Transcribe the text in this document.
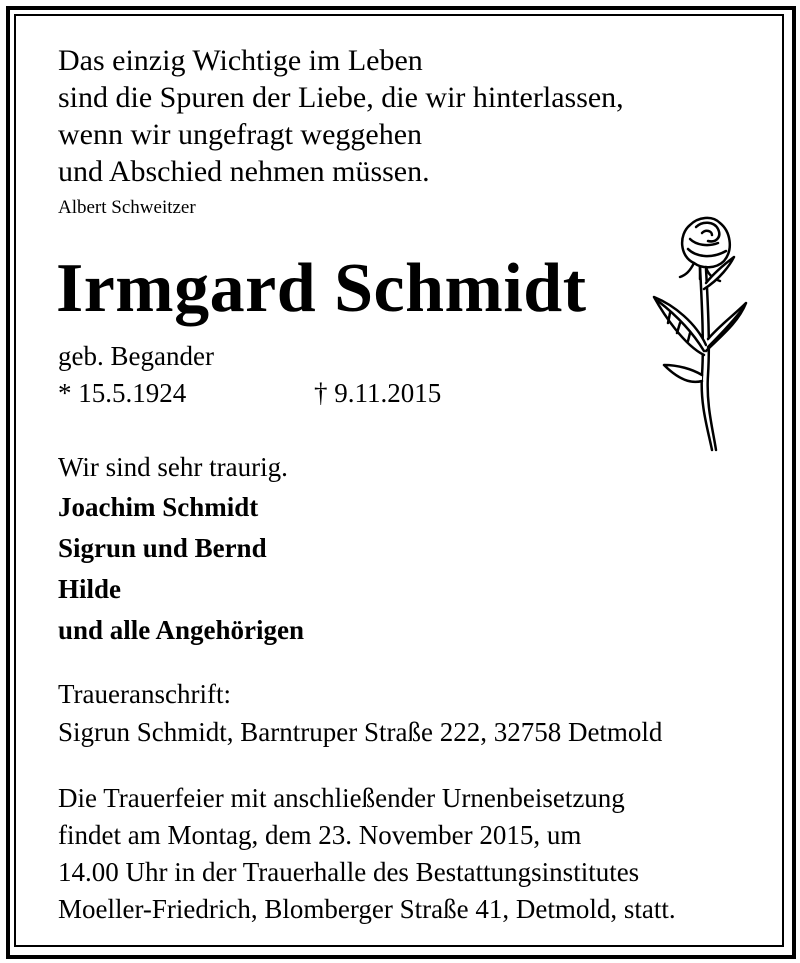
Das einzig Wichtige im Leben
sind die Spuren der Liebe, die wir hinterlassen,
wenn wir ungefragt weggehen
und Abschied nehmen müssen.
Albert Schweitzer
Irmgard Schmidt
geb. Begander
* 15.5.1924	† 9.11.2015
Wir sind sehr traurig.
Joachim Schmidt
Sigrun und Bernd
Hilde
und alle Angehörigen
Traueranschrift:
Sigrun Schmidt, Barntruper Straße 222, 32758 Detmold
Die Trauerfeier mit anschließender Urnenbeisetzung
findet am Montag, dem 23. November 2015, um
14.00 Uhr in der Trauerhalle des Bestattungsinstitutes
Moeller-Friedrich, Blomberger Straße 41, Detmold, statt.
